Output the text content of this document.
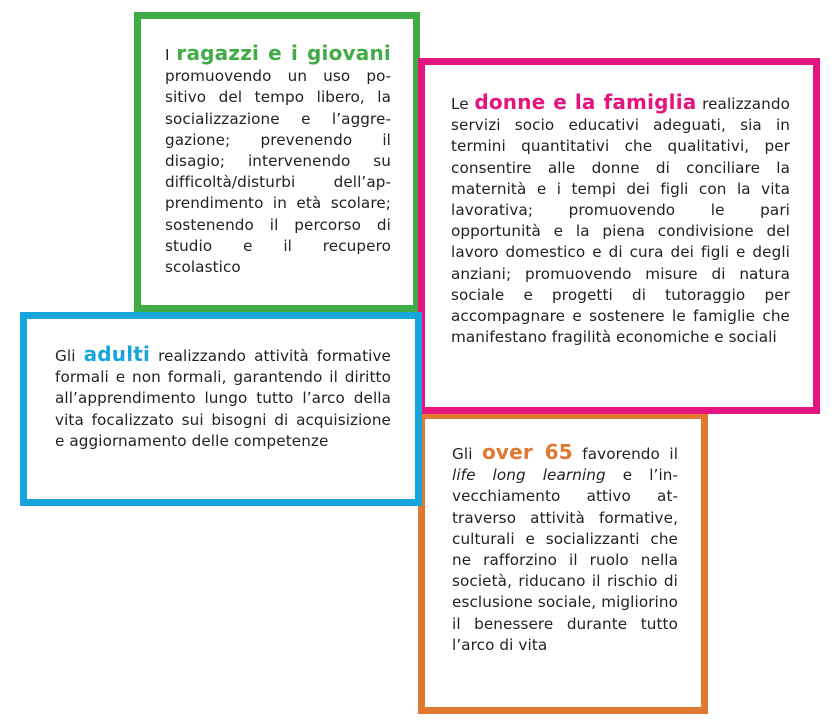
I ragazzi e i giovani promuovendo un uso positivo del tempo libero, la socializzazione e l’aggregazione; prevenendo il disagio; intervenendo su difficoltà/disturbi dell’apprendimento in età scolare; sostenendo il percorso di studio e il recupero scolastico

Le donne e la famiglia realizzando servizi socio educativi adeguati, sia in termini quantitativi che qualitativi, per consentire alle donne di conciliare la maternità e i tempi dei figli con la vita lavorativa; promuovendo le pari opportunità e la piena condivisione del lavoro domestico e di cura dei figli e degli anziani; promuovendo misure di natura sociale e progetti di tutoraggio per accompagnare e sostenere le famiglie che manifestano fragilità economiche e sociali

Gli adulti realizzando attività formative formali e non formali, garantendo il diritto all’apprendimento lungo tutto l’arco della vita focalizzato sui bisogni di acquisizione e aggiornamento delle competenze

Gli over 65 favorendo il life long learning e l’invecchiamento attivo attraverso attività formative, culturali e socializzanti che ne rafforzino il ruolo nella società, riducano il rischio di esclusione sociale, migliorino il benessere durante tutto l’arco di vita
